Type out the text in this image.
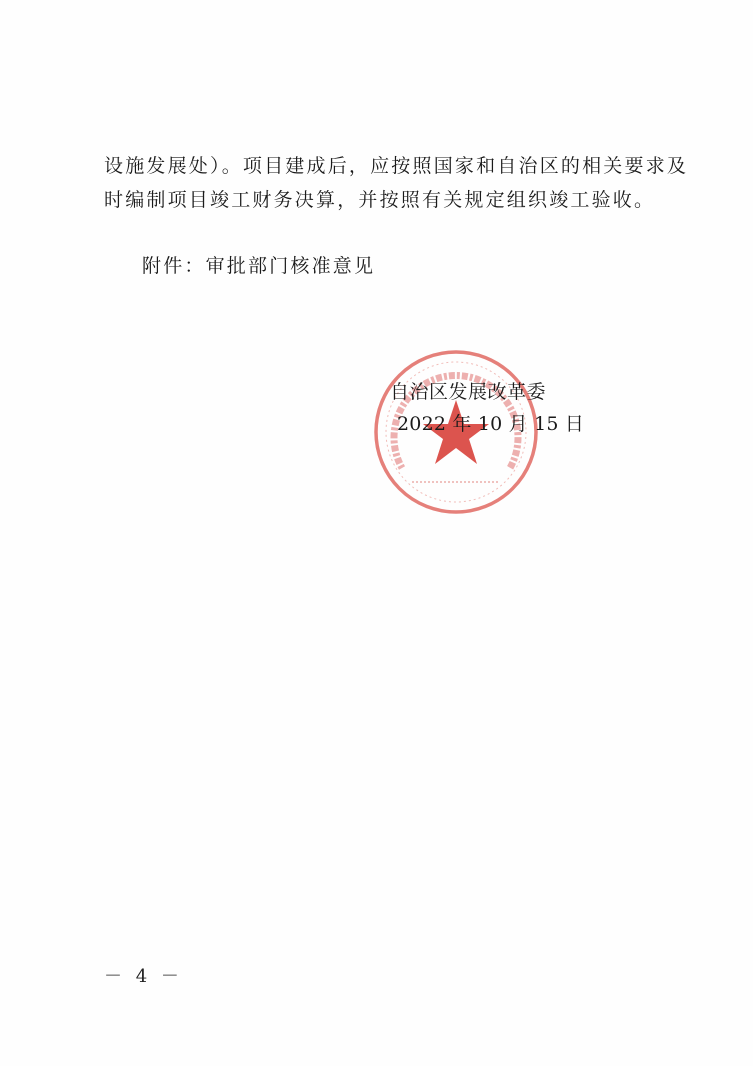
设施发展处）。项目建成后，应按照国家和自治区的相关要求及
时编制项目竣工财务决算，并按照有关规定组织竣工验收。
附件：审批部门核准意见
自治区发展改革委
2022 年 10 月 15 日
－ 4 －
